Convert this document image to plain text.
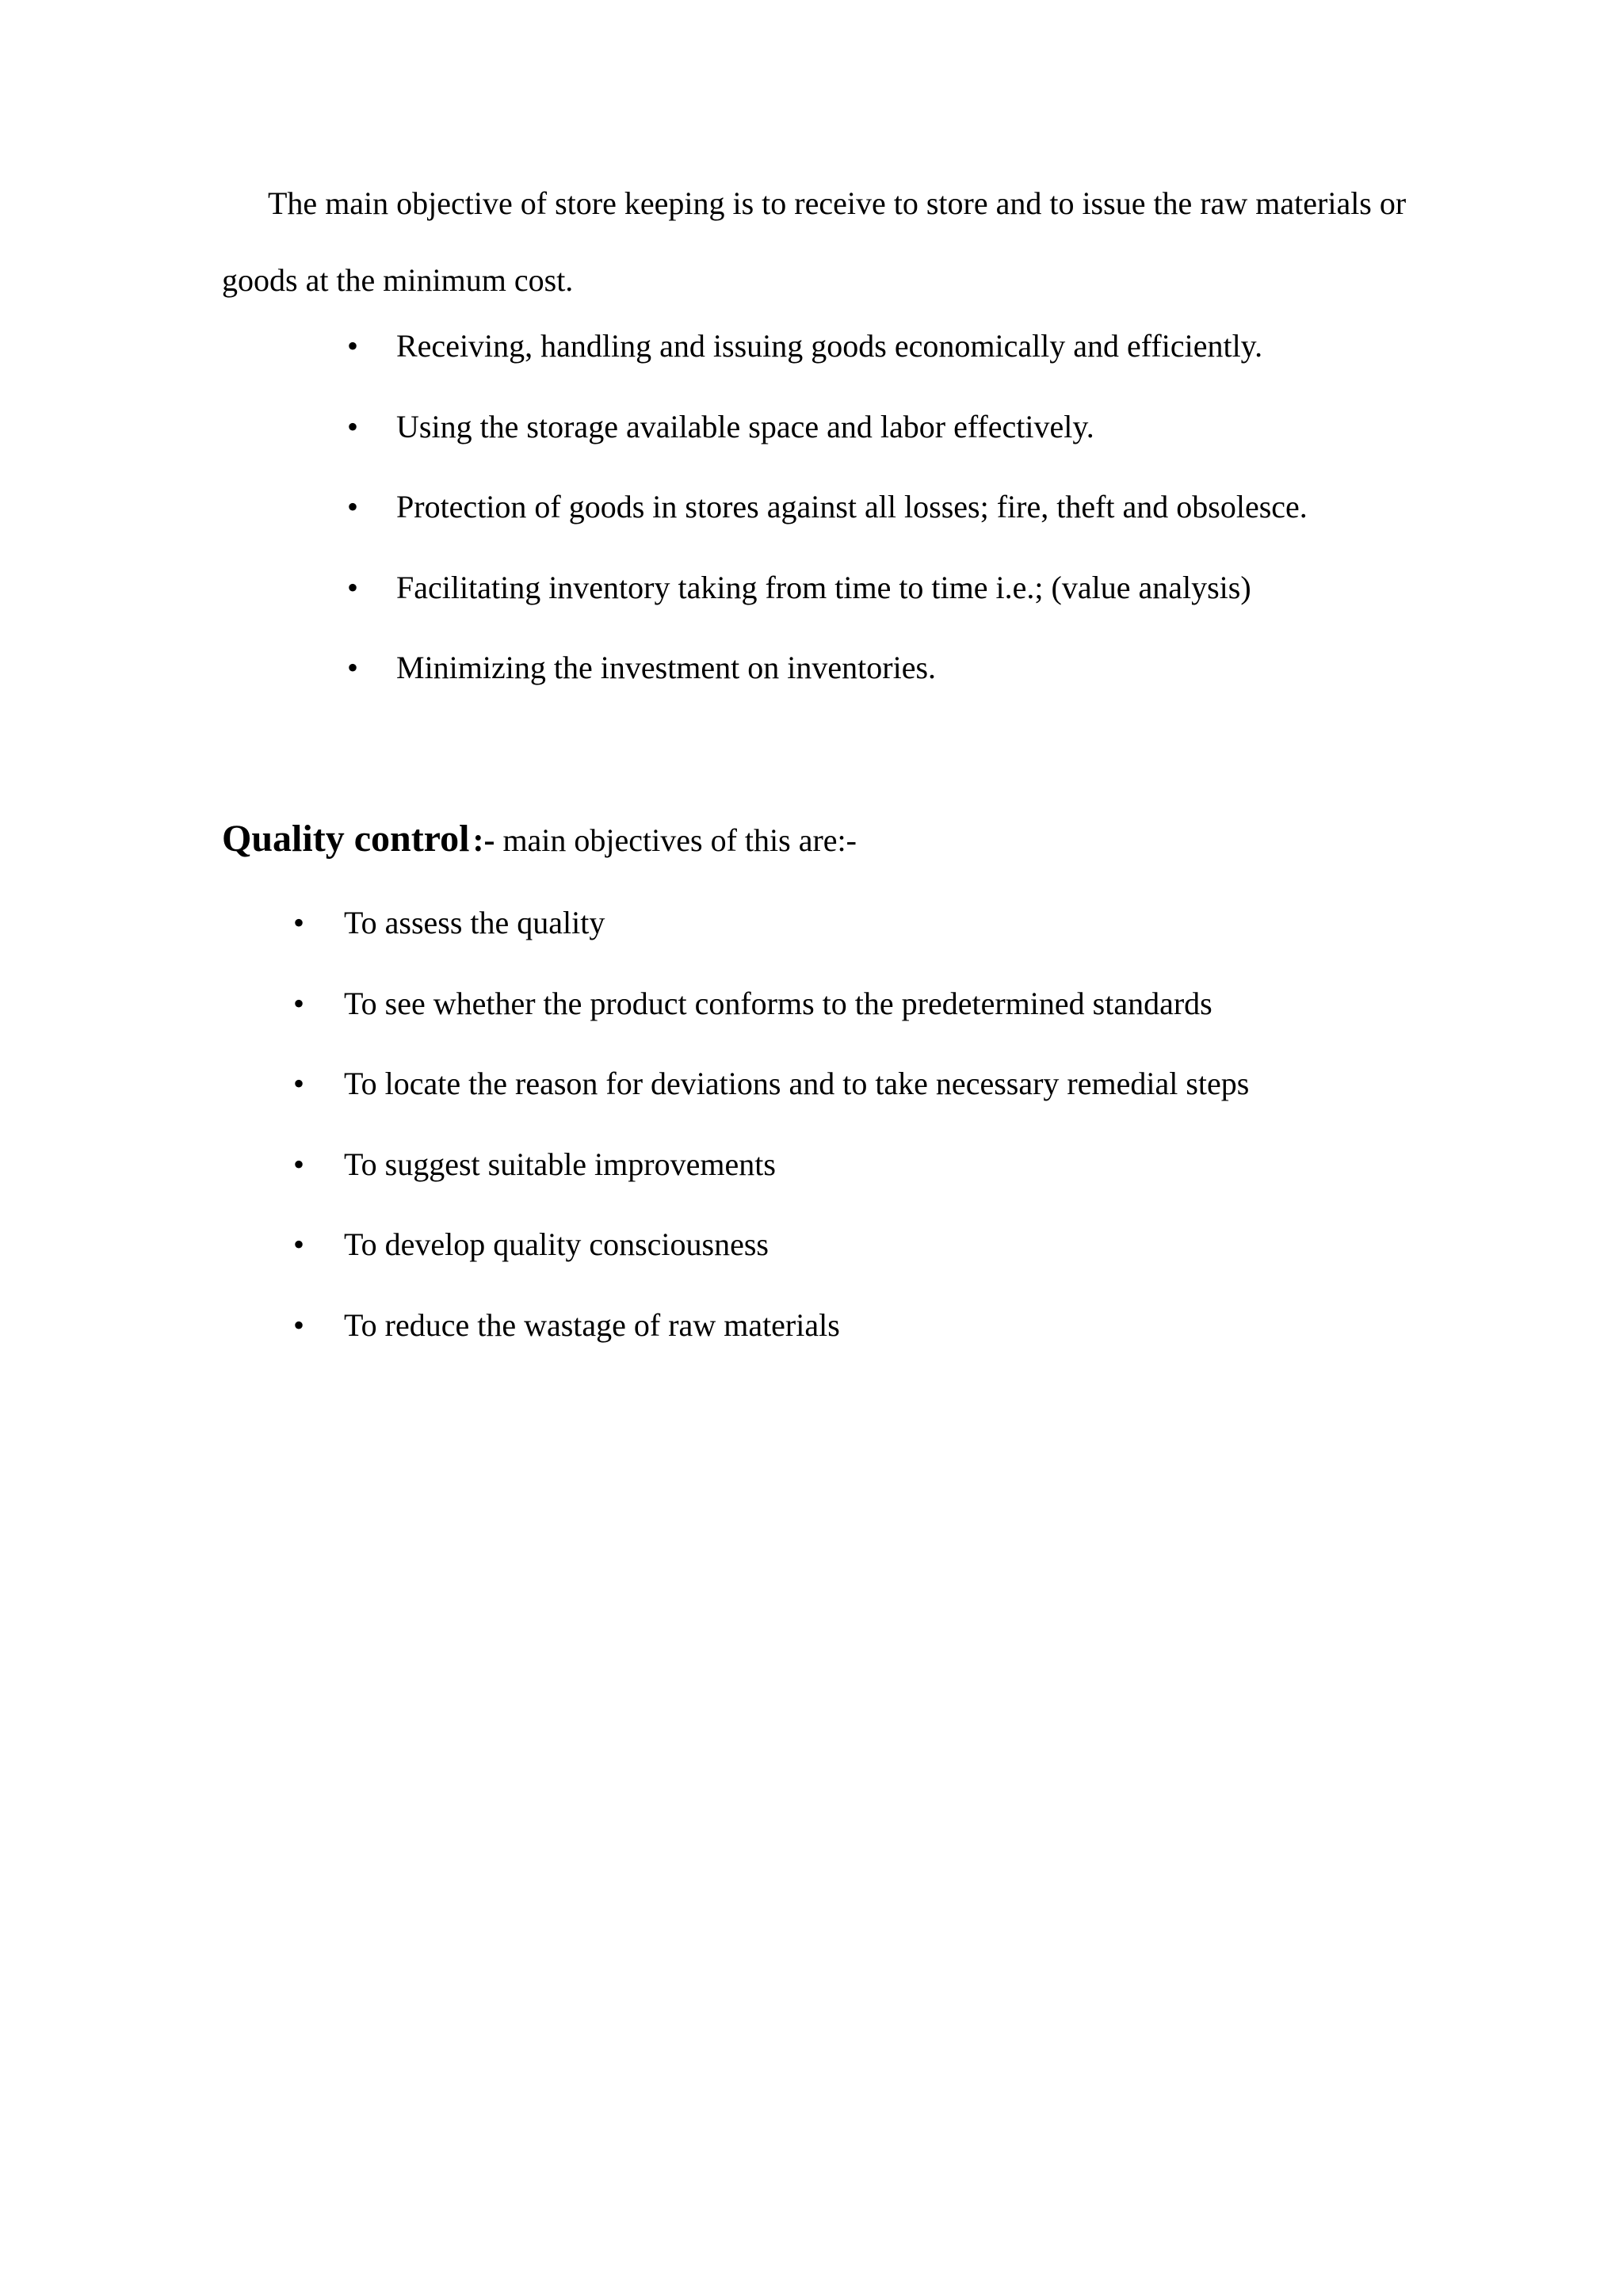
The main objective of store keeping is to receive to store and to issue the raw materials or goods at the minimum cost.

• Receiving, handling and issuing goods economically and efficiently.
• Using the storage available space and labor effectively.
• Protection of goods in stores against all losses; fire, theft and obsolesce.
• Facilitating inventory taking from time to time i.e.; (value analysis)
• Minimizing the investment on inventories.

Quality control :- main objectives of this are:-

• To assess the quality
• To see whether the product conforms to the predetermined standards
• To locate the reason for deviations and to take necessary remedial steps
• To suggest suitable improvements
• To develop quality consciousness
• To reduce the wastage of raw materials
